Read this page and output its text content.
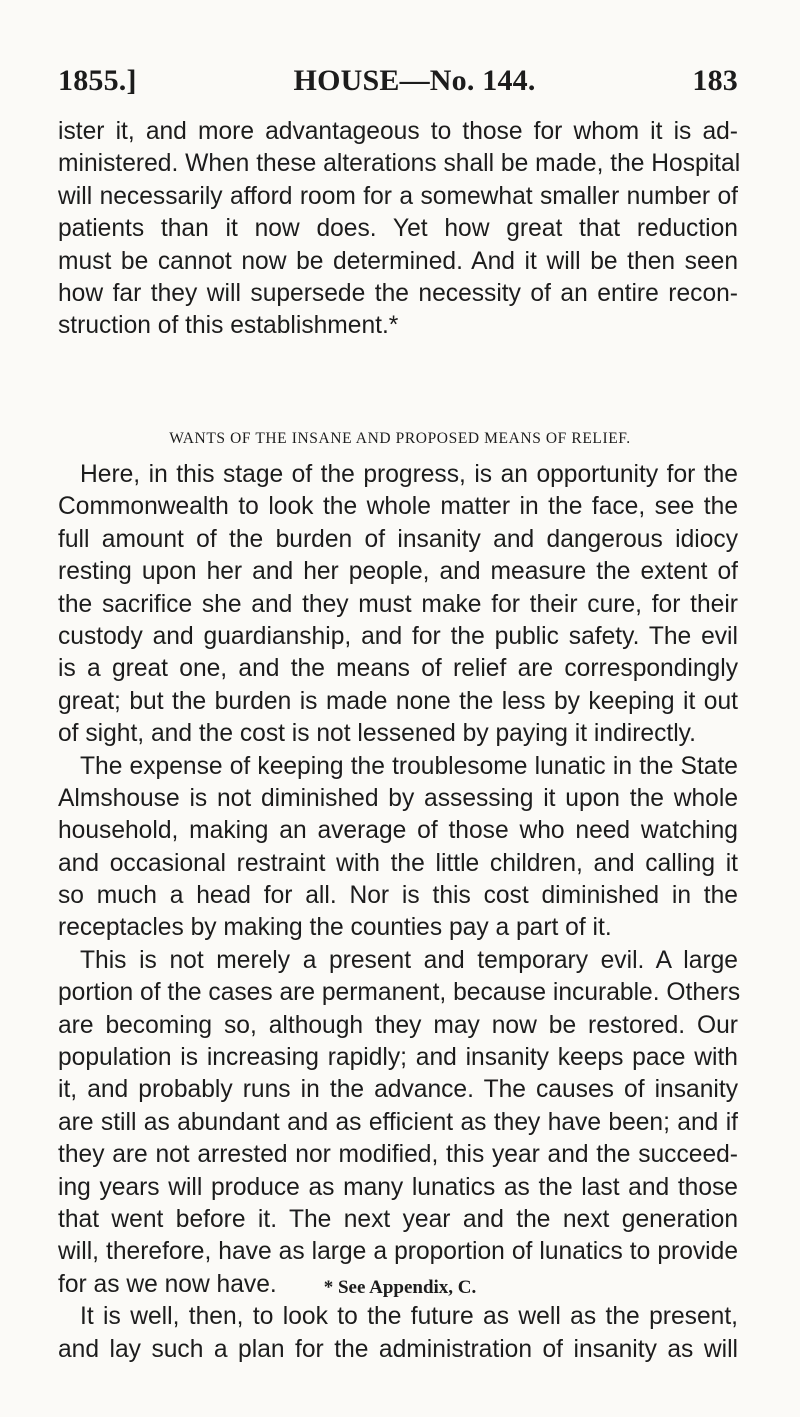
1855.]	HOUSE—No. 144.	183
ister it, and more advantageous to those for whom it is ad-
ministered. When these alterations shall be made, the Hospital
will necessarily afford room for a somewhat smaller number of
patients than it now does. Yet how great that reduction
must be cannot now be determined. And it will be then seen
how far they will supersede the necessity of an entire recon-
struction of this establishment.*
WANTS OF THE INSANE AND PROPOSED MEANS OF RELIEF.
Here, in this stage of the progress, is an opportunity for the
Commonwealth to look the whole matter in the face, see the
full amount of the burden of insanity and dangerous idiocy
resting upon her and her people, and measure the extent of
the sacrifice she and they must make for their cure, for their
custody and guardianship, and for the public safety. The evil
is a great one, and the means of relief are correspondingly
great; but the burden is made none the less by keeping it out
of sight, and the cost is not lessened by paying it indirectly.
The expense of keeping the troublesome lunatic in the State
Almshouse is not diminished by assessing it upon the whole
household, making an average of those who need watching
and occasional restraint with the little children, and calling it
so much a head for all. Nor is this cost diminished in the
receptacles by making the counties pay a part of it.
This is not merely a present and temporary evil. A large
portion of the cases are permanent, because incurable. Others
are becoming so, although they may now be restored. Our
population is increasing rapidly; and insanity keeps pace with
it, and probably runs in the advance. The causes of insanity
are still as abundant and as efficient as they have been; and if
they are not arrested nor modified, this year and the succeed-
ing years will produce as many lunatics as the last and those
that went before it. The next year and the next generation
will, therefore, have as large a proportion of lunatics to provide
for as we now have.
It is well, then, to look to the future as well as the present,
and lay such a plan for the administration of insanity as will
* See Appendix, C.
